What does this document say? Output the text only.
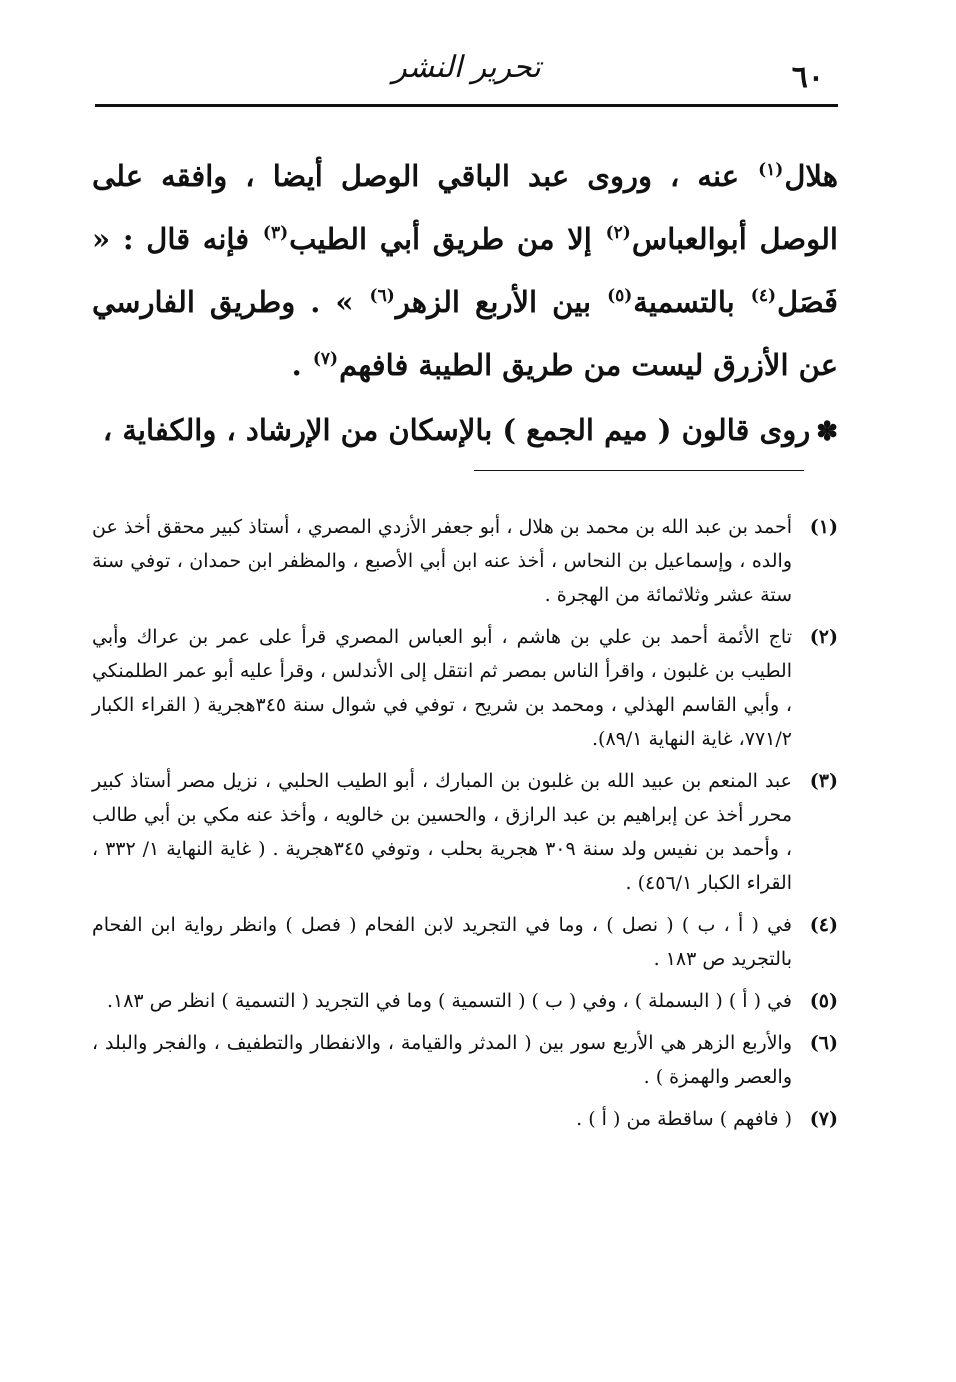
تحرير النشر	٦٠

هلال$^{(١)}$ عنه ، وروى عبد الباقي الوصل أيضا ، وافقه على الوصل أبوالعباس$^{(٢)}$ إلا من طريق أبي الطيب$^{(٣)}$ فإنه قال : « فَصَل$^{(٤)}$ بالتسمية$^{(٥)}$ بين الأربع الزهر$^{(٦)}$ » . وطريق الفارسي عن الأزرق ليست من طريق الطيبة فافهم$^{(٧)}$ .

✽روى قالون ( ميم الجمع ) بالإسكان من الإرشاد ، والكفاية ،

(١)
أحمد بن عبد الله بن محمد بن هلال ، أبو جعفر الأزدي المصري ، أستاذ كبير محقق أخذ عن والده ، وإسماعيل بن النحاس ، أخذ عنه ابن أبي الأصبع ، والمظفر ابن حمدان ، توفي سنة ستة عشر وثلاثمائة من الهجرة .
(٢)
تاج الأئمة أحمد بن علي بن هاشم ، أبو العباس المصري قرأ على عمر بن عراك وأبي الطيب بن غلبون ، واقرأ الناس بمصر ثم انتقل إلى الأندلس ، وقرأ عليه أبو عمر الطلمنكي ، وأبي القاسم الهذلي ، ومحمد بن شريح ، توفي في شوال سنة ٣٤٥هجرية ( القراء الكبار ٧٧١/٢، غاية النهاية ٨٩/١).
(٣)
عبد المنعم بن عبيد الله بن غلبون بن المبارك ، أبو الطيب الحلبي ، نزيل مصر أستاذ كبير محرر أخذ عن إبراهيم بن عبد الرازق ، والحسين بن خالويه ، وأخذ عنه مكي بن أبي طالب ، وأحمد بن نفيس ولد سنة ٣٠٩ هجرية بحلب ، وتوفي ٣٤٥هجرية . ( غاية النهاية ١/ ٣٣٢ ، القراء الكبار ٤٥٦/١) .
(٤)
في ( أ ، ب ) ( نصل ) ، وما في التجريد لابن الفحام ( فصل ) وانظر رواية ابن الفحام بالتجريد ص ١٨٣ .
(٥)
في ( أ ) ( البسملة ) ، وفي ( ب ) ( التسمية ) وما في التجريد ( التسمية ) انظر ص ١٨٣.
(٦)
والأربع الزهر هي الأربع سور بين ( المدثر والقيامة ، والانفطار والتطفيف ، والفجر والبلد ، والعصر والهمزة ) .
(٧)
( فافهم ) ساقطة من ( أ ) .
